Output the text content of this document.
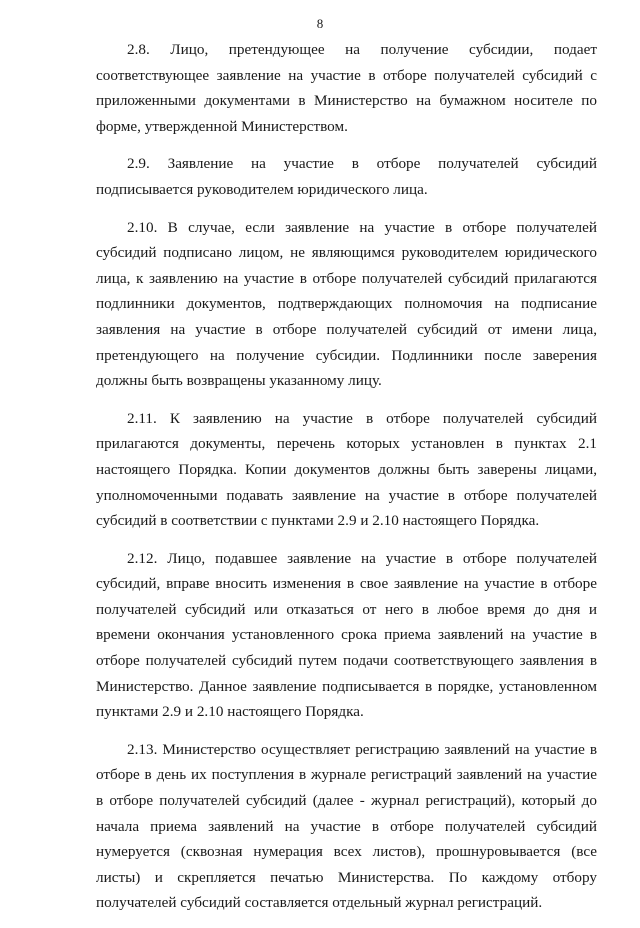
8

2.8. Лицо, претендующее на получение субсидии, подает соответствующее заявление на участие в отборе получателей субсидий с приложенными документами в Министерство на бумажном носителе по форме, утвержденной Министерством.

2.9. Заявление на участие в отборе получателей субсидий подписывается руководителем юридического лица.

2.10. В случае, если заявление на участие в отборе получателей субсидий подписано лицом, не являющимся руководителем юридического лица, к заявлению на участие в отборе получателей субсидий прилагаются подлинники документов, подтверждающих полномочия на подписание заявления на участие в отборе получателей субсидий от имени лица, претендующего на получение субсидии. Подлинники после заверения должны быть возвращены указанному лицу.

2.11. К заявлению на участие в отборе получателей субсидий прилагаются документы, перечень которых установлен в пунктах 2.1 настоящего Порядка. Копии документов должны быть заверены лицами, уполномоченными подавать заявление на участие в отборе получателей субсидий в соответствии с пунктами 2.9 и 2.10 настоящего Порядка.

2.12. Лицо, подавшее заявление на участие в отборе получателей субсидий, вправе вносить изменения в свое заявление на участие в отборе получателей субсидий или отказаться от него в любое время до дня и времени окончания установленного срока приема заявлений на участие в отборе получателей субсидий путем подачи соответствующего заявления в Министерство. Данное заявление подписывается в порядке, установленном пунктами 2.9 и 2.10 настоящего Порядка.

2.13. Министерство осуществляет регистрацию заявлений на участие в отборе в день их поступления в журнале регистраций заявлений на участие в отборе получателей субсидий (далее - журнал регистраций), который до начала приема заявлений на участие в отборе получателей субсидий нумеруется (сквозная нумерация всех листов), прошнуровывается (все листы) и скрепляется печатью Министерства. По каждому отбору получателей субсидий составляется отдельный журнал регистраций.
